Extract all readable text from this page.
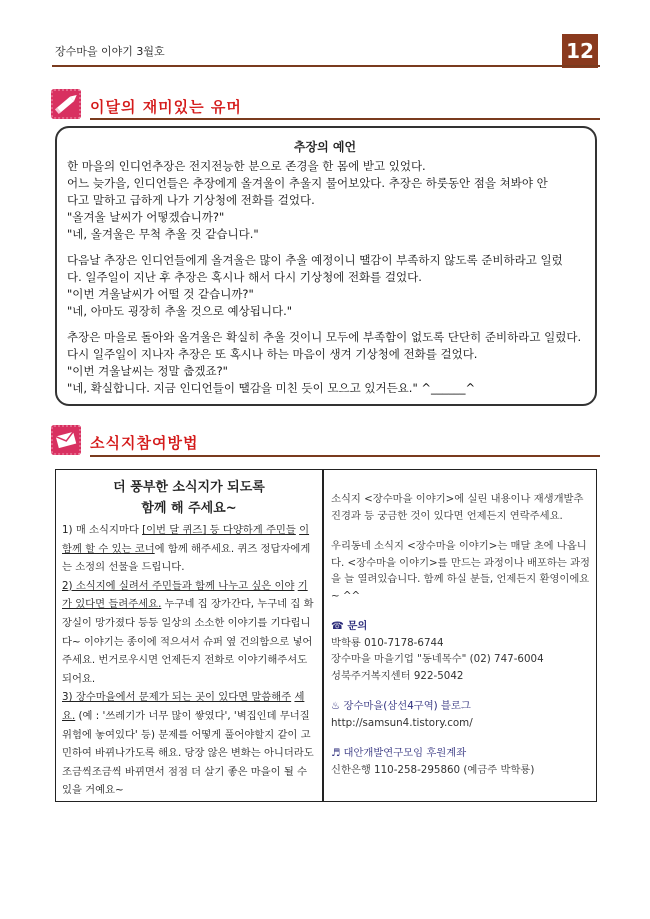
장수마을 이야기 3월호	12
이달의 재미있는 유머
추장의 예언

한 마을의 인디언추장은 전지전능한 분으로 존경을 한 몸에 받고 있었다.

어느 늦가을, 인디언들은 추장에게 올겨울이 추울지 물어보았다. 추장은 하룻동안 점을 쳐봐야 안

다고 말하고 급하게 나가 기상청에 전화를 걸었다.

"올겨울 날씨가 어떻겠습니까?"

"네, 올겨울은 무척 추울 것 같습니다."

다음날 추장은 인디언들에게 올겨울은 많이 추울 예정이니 땔감이 부족하지 않도록 준비하라고 일렀

다. 일주일이 지난 후 추장은 혹시나 해서 다시 기상청에 전화를 걸었다.

"이번 겨울날씨가 어떨 것 같습니까?"

"네, 아마도 굉장히 추울 것으로 예상됩니다."

추장은 마을로 돌아와 올겨울은 확실히 추울 것이니 모두에 부족함이 없도록 단단히 준비하라고 일렀다.

다시 일주일이 지나자 추장은 또 혹시나 하는 마음이 생겨 기상청에 전화를 걸었다.

"이번 겨울날씨는 정말 춥겠죠?"

"네, 확실합니다. 지금 인디언들이 땔감을 미친 듯이 모으고 있거든요." ^______^

소식지참여방법
더 풍부한 소식지가 되도록
함께 해 주세요~

1) 매 소식지마다 [이번 달 퀴즈] 등 다양하게 주민들 이 함께 할 수 있는 코너에 함께 해주세요. 퀴즈 정답자에게는 소정의 선물을 드립니다.

2) 소식지에 실려서 주민들과 함께 나누고 싶은 이야 기가 있다면 들려주세요. 누구네 집 장가간다, 누구네 집 화장실이 망가졌다 등등 일상의 소소한 이야기를 기다립니다~ 이야기는 종이에 적으셔서 슈퍼 옆 건의함으로 넣어주세요. 번거로우시면 언제든지 전화로 이야기해주셔도 되어요.

3) 장수마을에서 문제가 되는 곳이 있다면 말씀해주 세요. (예 : '쓰레기가 너무 많이 쌓였다', '벽집인데 무너질 위험에 놓여있다' 등) 문제를 어떻게 풀어야할지 같이 고민하여 바뀌나가도록 해요. 당장 않은 변화는 아니더라도 조금씩조금씩 바뀌면서 점점 더 살기 좋은 마을이 될 수 있을 거예요~

소식지 <장수마을 이야기>에 실린 내용이나 재생개발추진경과 등 궁금한 것이 있다면 언제든지 연락주세요.

우리동네 소식지 <장수마을 이야기>는 매달 초에 나옵니다. <장수마을 이야기>를 만드는 과정이나 배포하는 과정을 늘 열려있습니다. 함께 하실 분들, 언제든지 환영이에요~ ^^

☎ 문의

박학룡 010-7178-6744

장수마을 마을기업 "동네목수" (02) 747-6004

성북주거복지센터 922-5042

♨ 장수마을(삼선4구역) 블로그

http://samsun4.tistory.com/

♬ 대안개발연구모임 후원계좌

신한은행 110-258-295860 (예금주 박학룡)
